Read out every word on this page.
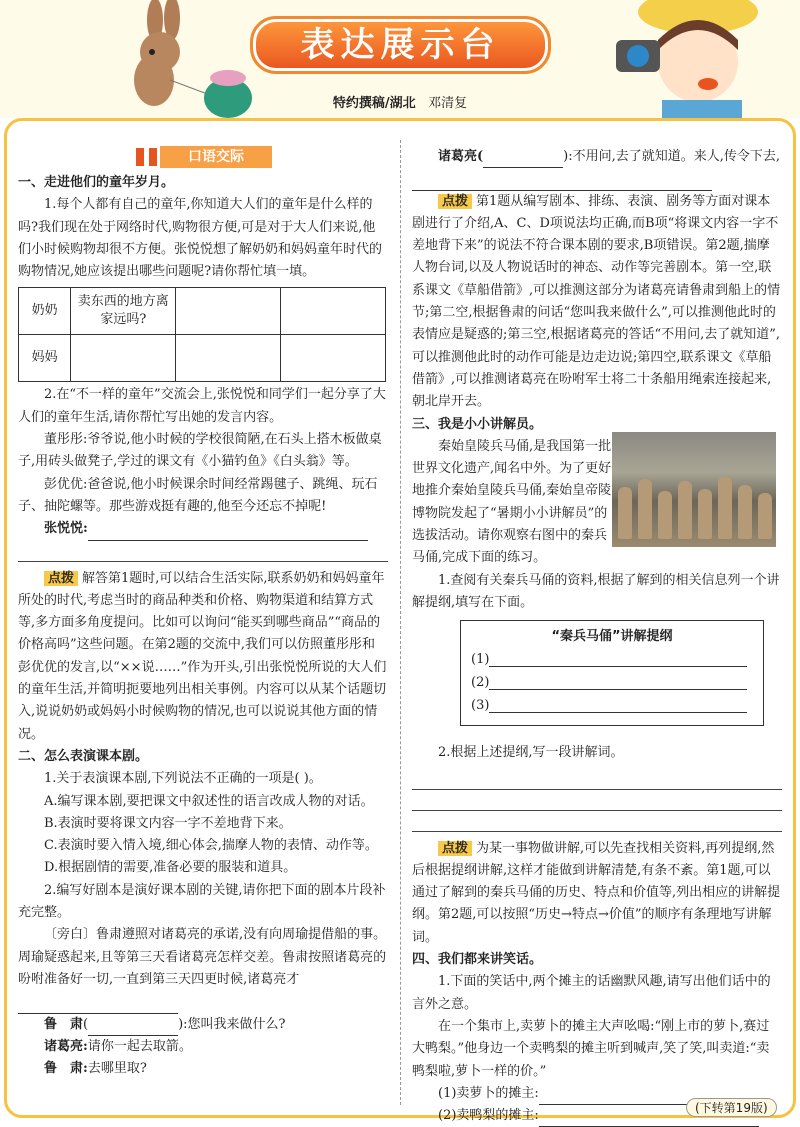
表达展示台
特约撰稿/湖北 邓清复
口语交际

一、走进他们的童年岁月。

1.每个人都有自己的童年,你知道大人们的童年是什么样的吗?我们现在处于网络时代,购物很方便,可是对于大人们来说,他们小时候购物却很不方便。张悦悦想了解奶奶和妈妈童年时代的购物情况,她应该提出哪些问题呢?请你帮忙填一填。

奶奶	卖东西的地方离家远吗?		
妈妈			

2.在“不一样的童年”交流会上,张悦悦和同学们一起分享了大人们的童年生活,请你帮忙写出她的发言内容。

董彤彤:爷爷说,他小时候的学校很简陋,在石头上搭木板做桌子,用砖头做凳子,学过的课文有《小猫钓鱼》《白头翁》等。

彭优优:爸爸说,他小时候课余时间经常踢毽子、跳绳、玩石子、抽陀螺等。那些游戏挺有趣的,他至今还忘不掉呢!

张悦悦:

点拨 解答第1题时,可以结合生活实际,联系奶奶和妈妈童年所处的时代,考虑当时的商品种类和价格、购物渠道和结算方式等,多方面多角度提问。比如可以询问“能买到哪些商品”“商品的价格高吗”这些问题。在第2题的交流中,我们可以仿照董彤彤和彭优优的发言,以“××说……”作为开头,引出张悦悦所说的大人们的童年生活,并简明扼要地列出相关事例。内容可以从某个话题切入,说说奶奶或妈妈小时候购物的情况,也可以说说其他方面的情况。

二、怎么表演课本剧。

1.关于表演课本剧,下列说法不正确的一项是( )。

A.编写课本剧,要把课文中叙述性的语言改成人物的对话。

B.表演时要将课文内容一字不差地背下来。

C.表演时要入情入境,细心体会,揣摩人物的表情、动作等。

D.根据剧情的需要,准备必要的服装和道具。

2.编写好剧本是演好课本剧的关键,请你把下面的剧本片段补充完整。

〔旁白〕鲁肃遵照对诸葛亮的承诺,没有向周瑜提借船的事。周瑜疑惑起来,且等第三天看诸葛亮怎样交差。鲁肃按照诸葛亮的吩咐准备好一切,一直到第三天四更时候,诸葛亮才

鲁　肃(	):您叫我来做什么?

诸葛亮:请你一起去取箭。

鲁　肃:去哪里取?

诸葛亮(	):不用问,去了就知道。来人,传令下去,

点拨 第1题从编写剧本、排练、表演、剧务等方面对课本剧进行了介绍,A、C、D项说法均正确,而B项“将课文内容一字不差地背下来”的说法不符合课本剧的要求,B项错误。第2题,揣摩人物台词,以及人物说话时的神态、动作等完善剧本。第一空,联系课文《草船借箭》,可以推测这部分为诸葛亮请鲁肃到船上的情节;第二空,根据鲁肃的问话“您叫我来做什么”,可以推测他此时的表情应是疑惑的;第三空,根据诸葛亮的答话“不用问,去了就知道”,可以推测他此时的动作可能是边走边说;第四空,联系课文《草船借箭》,可以推测诸葛亮在吩咐军士将二十条船用绳索连接起来,朝北岸开去。

三、我是小小讲解员。

秦始皇陵兵马俑,是我国第一批世界文化遗产,闻名中外。为了更好地推介秦始皇陵兵马俑,秦始皇帝陵博物院发起了“暑期小小讲解员”的选拔活动。请你观察右图中的秦兵马俑,完成下面的练习。

1.查阅有关秦兵马俑的资料,根据了解到的相关信息列一个讲解提纲,填写在下面。

2.根据上述提纲,写一段讲解词。

点拨 为某一事物做讲解,可以先查找相关资料,再列提纲,然后根据提纲讲解,这样才能做到讲解清楚,有条不紊。第1题,可以通过了解到的秦兵马俑的历史、特点和价值等,列出相应的讲解提纲。第2题,可以按照“历史→特点→价值”的顺序有条理地写讲解词。

四、我们都来讲笑话。

1.下面的笑话中,两个摊主的话幽默风趣,请写出他们话中的言外之意。

在一个集市上,卖萝卜的摊主大声吆喝:“刚上市的萝卜,赛过大鸭梨。”他身边一个卖鸭梨的摊主听到喊声,笑了笑,叫卖道:“卖鸭梨啦,萝卜一样的价。”

(1)卖萝卜的摊主:

(2)卖鸭梨的摊主:

“秦兵马俑”讲解提纲
(1)
(2)
(3)
(下转第19版)
